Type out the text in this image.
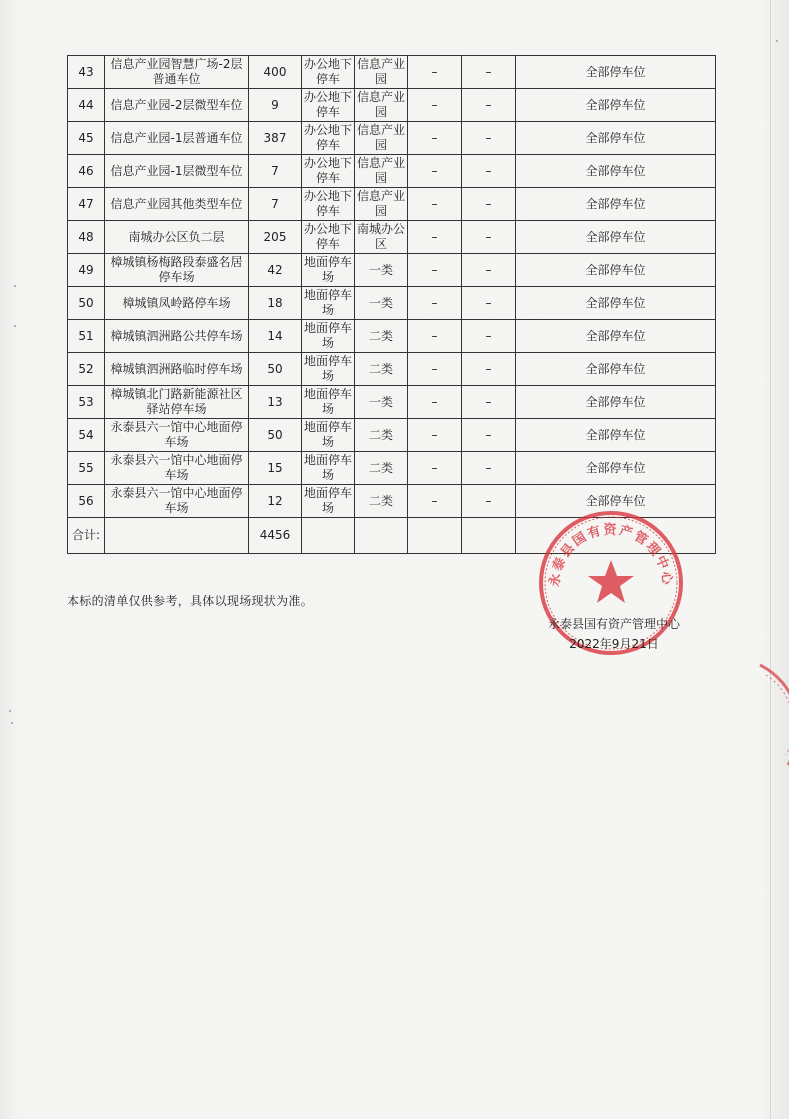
43	信息产业园智慧广场-2层普通车位	400	办公地下停车	信息产业园	–	–	全部停车位
44	信息产业园-2层微型车位	9	办公地下停车	信息产业园	–	–	全部停车位
45	信息产业园-1层普通车位	387	办公地下停车	信息产业园	–	–	全部停车位
46	信息产业园-1层微型车位	7	办公地下停车	信息产业园	–	–	全部停车位
47	信息产业园其他类型车位	7	办公地下停车	信息产业园	–	–	全部停车位
48	南城办公区负二层	205	办公地下停车	南城办公区	–	–	全部停车位
49	樟城镇杨梅路段泰盛名居停车场	42	地面停车场	一类	–	–	全部停车位
50	樟城镇凤岭路停车场	18	地面停车场	一类	–	–	全部停车位
51	樟城镇泗洲路公共停车场	14	地面停车场	二类	–	–	全部停车位
52	樟城镇泗洲路临时停车场	50	地面停车场	二类	–	–	全部停车位
53	樟城镇北门路新能源社区驿站停车场	13	地面停车场	一类	–	–	全部停车位
54	永泰县六一馆中心地面停车场	50	地面停车场	二类	–	–	全部停车位
55	永泰县六一馆中心地面停车场	15	地面停车场	二类	–	–	全部停车位
56	永泰县六一馆中心地面停车场	12	地面停车场	二类	–	–	全部停车位
合计:		4456					
本标的清单仅供参考，具体以现场现状为准。
永泰县国有资产管理中心
永泰县国有资产管理中心
2022年9月21日
